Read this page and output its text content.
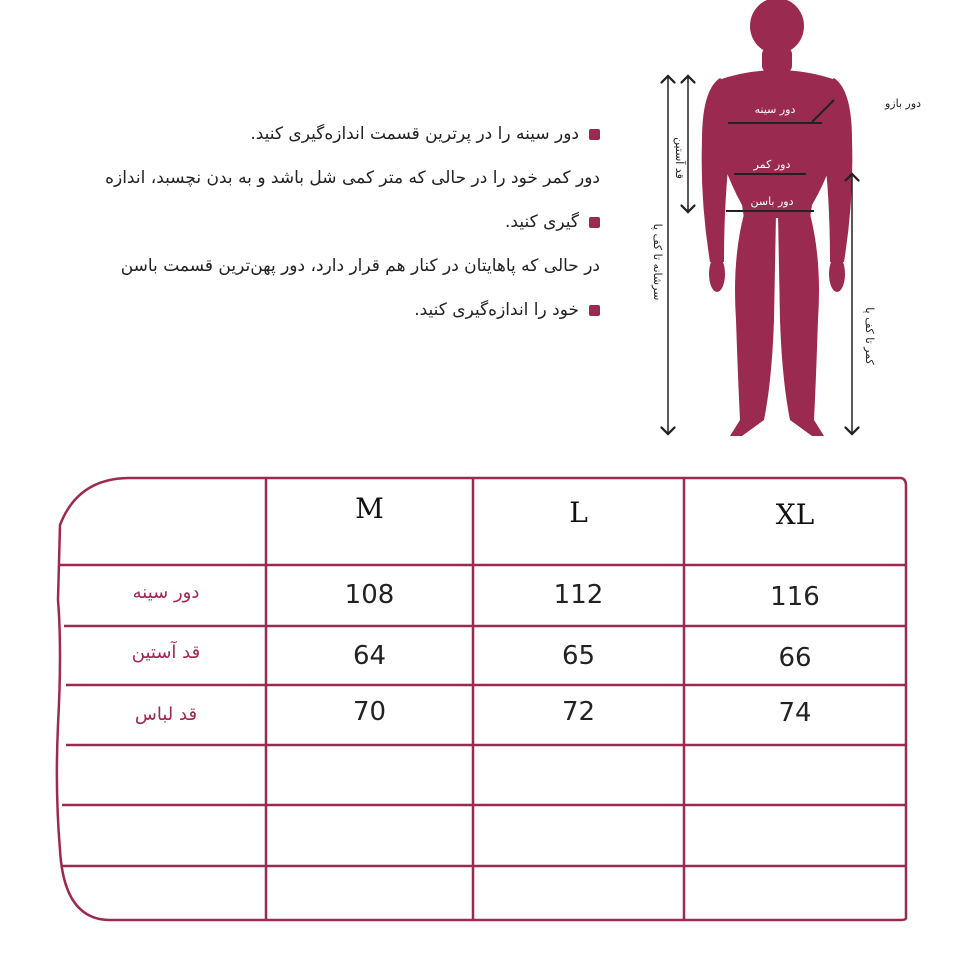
دور سینه را در پرترین قسمت اندازه‌گیری کنید.
دور کمر خود را در حالی که متر کمی شل باشد و به بدن نچسبد، اندازه
گیری کنید.
در حالی که پاهایتان در کنار هم قرار دارد، دور پهن‌ترین قسمت باسن
خود را اندازه‌گیری کنید.
دور سینه	دور بازو
دور کمر
دور باسن
سرشانه تا کف پا
قد آستین
کمر تا کف پا
M	L	XL
دور سینه	108	112	116
قد آستین	64	65	66
قد لباس	70	72	74
